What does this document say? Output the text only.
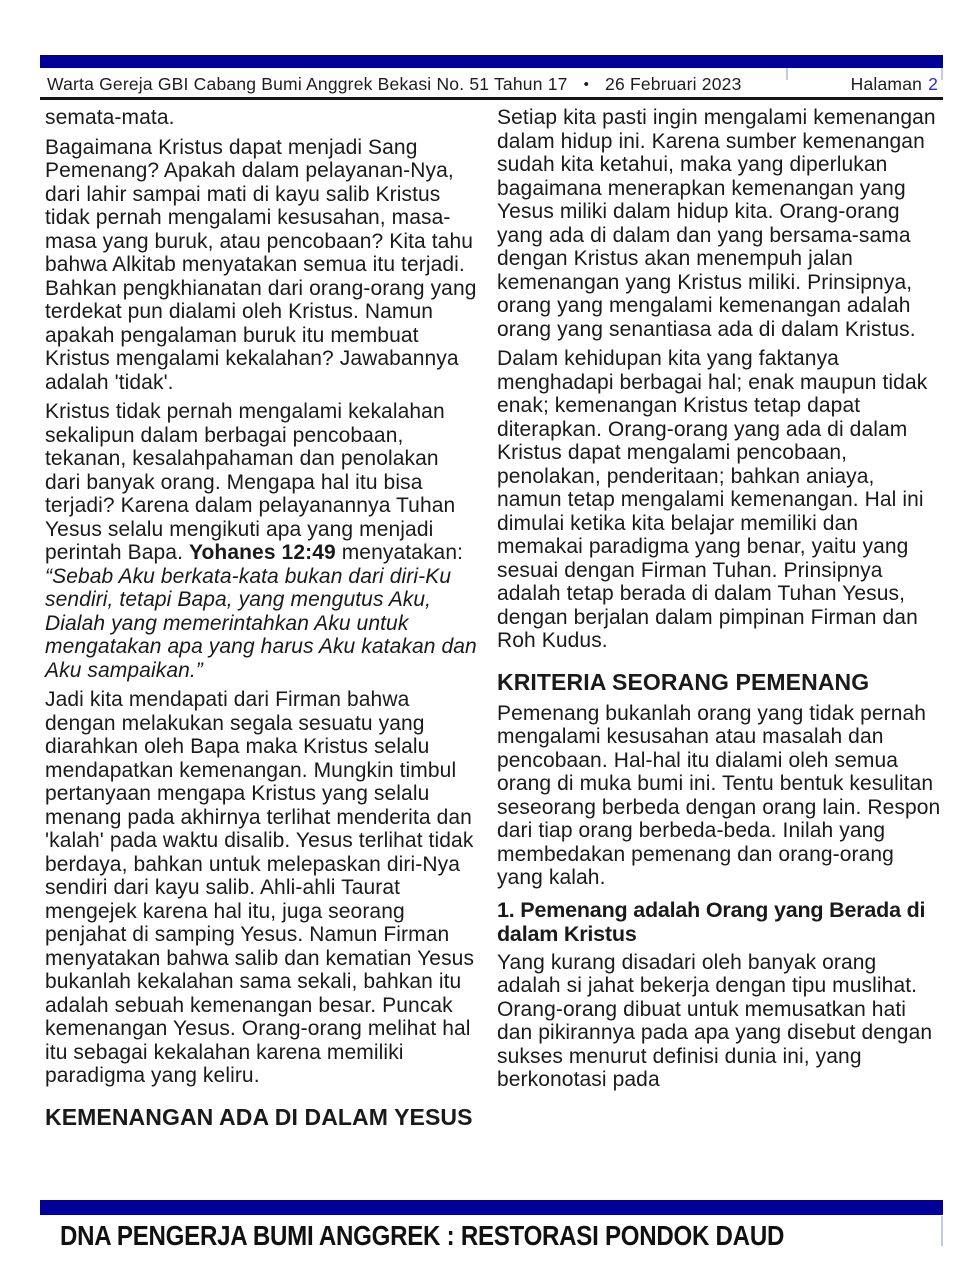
Warta Gereja GBI Cabang Bumi Anggrek Bekasi No. 51 Tahun 17 • 26 Februari 2023	Halaman 2

semata-mata.

Bagaimana Kristus dapat menjadi Sang Pemenang? Apakah dalam pelayanan-Nya, dari lahir sampai mati di kayu salib Kristus tidak pernah mengalami kesusahan, masa-masa yang buruk, atau pencobaan? Kita tahu bahwa Alkitab menyatakan semua itu terjadi. Bahkan pengkhianatan dari orang-orang yang terdekat pun dialami oleh Kristus. Namun apakah pengalaman buruk itu membuat Kristus mengalami kekalahan? Jawabannya adalah 'tidak'.

Kristus tidak pernah mengalami kekalahan sekalipun dalam berbagai pencobaan, tekanan, kesalahpahaman dan penolakan dari banyak orang. Mengapa hal itu bisa terjadi? Karena dalam pelayanannya Tuhan Yesus selalu mengikuti apa yang menjadi perintah Bapa. Yohanes 12:49 menyatakan: “Sebab Aku berkata-kata bukan dari diri-Ku sendiri, tetapi Bapa, yang mengutus Aku, Dialah yang memerintahkan Aku untuk mengatakan apa yang harus Aku katakan dan Aku sampaikan.”

Jadi kita mendapati dari Firman bahwa dengan melakukan segala sesuatu yang diarahkan oleh Bapa maka Kristus selalu mendapatkan kemenangan. Mungkin timbul pertanyaan mengapa Kristus yang selalu menang pada akhirnya terlihat menderita dan 'kalah' pada waktu disalib. Yesus terlihat tidak berdaya, bahkan untuk melepaskan diri-Nya sendiri dari kayu salib. Ahli-ahli Taurat mengejek karena hal itu, juga seorang penjahat di samping Yesus. Namun Firman menyatakan bahwa salib dan kematian Yesus bukanlah kekalahan sama sekali, bahkan itu adalah sebuah kemenangan besar. Puncak kemenangan Yesus. Orang-orang melihat hal itu sebagai kekalahan karena memiliki paradigma yang keliru.

KEMENANGAN ADA DI DALAM YESUS

Setiap kita pasti ingin mengalami kemenangan dalam hidup ini. Karena sumber kemenangan sudah kita ketahui, maka yang diperlukan bagaimana menerapkan kemenangan yang Yesus miliki dalam hidup kita. Orang-orang yang ada di dalam dan yang bersama-sama dengan Kristus akan menempuh jalan kemenangan yang Kristus miliki. Prinsipnya, orang yang mengalami kemenangan adalah orang yang senantiasa ada di dalam Kristus.

Dalam kehidupan kita yang faktanya menghadapi berbagai hal; enak maupun tidak enak; kemenangan Kristus tetap dapat diterapkan. Orang-orang yang ada di dalam Kristus dapat mengalami pencobaan, penolakan, penderitaan; bahkan aniaya, namun tetap mengalami kemenangan. Hal ini dimulai ketika kita belajar memiliki dan memakai paradigma yang benar, yaitu yang sesuai dengan Firman Tuhan. Prinsipnya adalah tetap berada di dalam Tuhan Yesus, dengan berjalan dalam pimpinan Firman dan Roh Kudus.

KRITERIA SEORANG PEMENANG

Pemenang bukanlah orang yang tidak pernah mengalami kesusahan atau masalah dan pencobaan. Hal-hal itu dialami oleh semua orang di muka bumi ini. Tentu bentuk kesulitan seseorang berbeda dengan orang lain. Respon dari tiap orang berbeda-beda. Inilah yang membedakan pemenang dan orang-orang yang kalah.

1. Pemenang adalah Orang yang Berada di dalam Kristus

Yang kurang disadari oleh banyak orang adalah si jahat bekerja dengan tipu muslihat. Orang-orang dibuat untuk memusatkan hati dan pikirannya pada apa yang disebut dengan sukses menurut definisi dunia ini, yang berkonotasi pada

DNA PENGERJA BUMI ANGGREK : RESTORASI PONDOK DAUD
